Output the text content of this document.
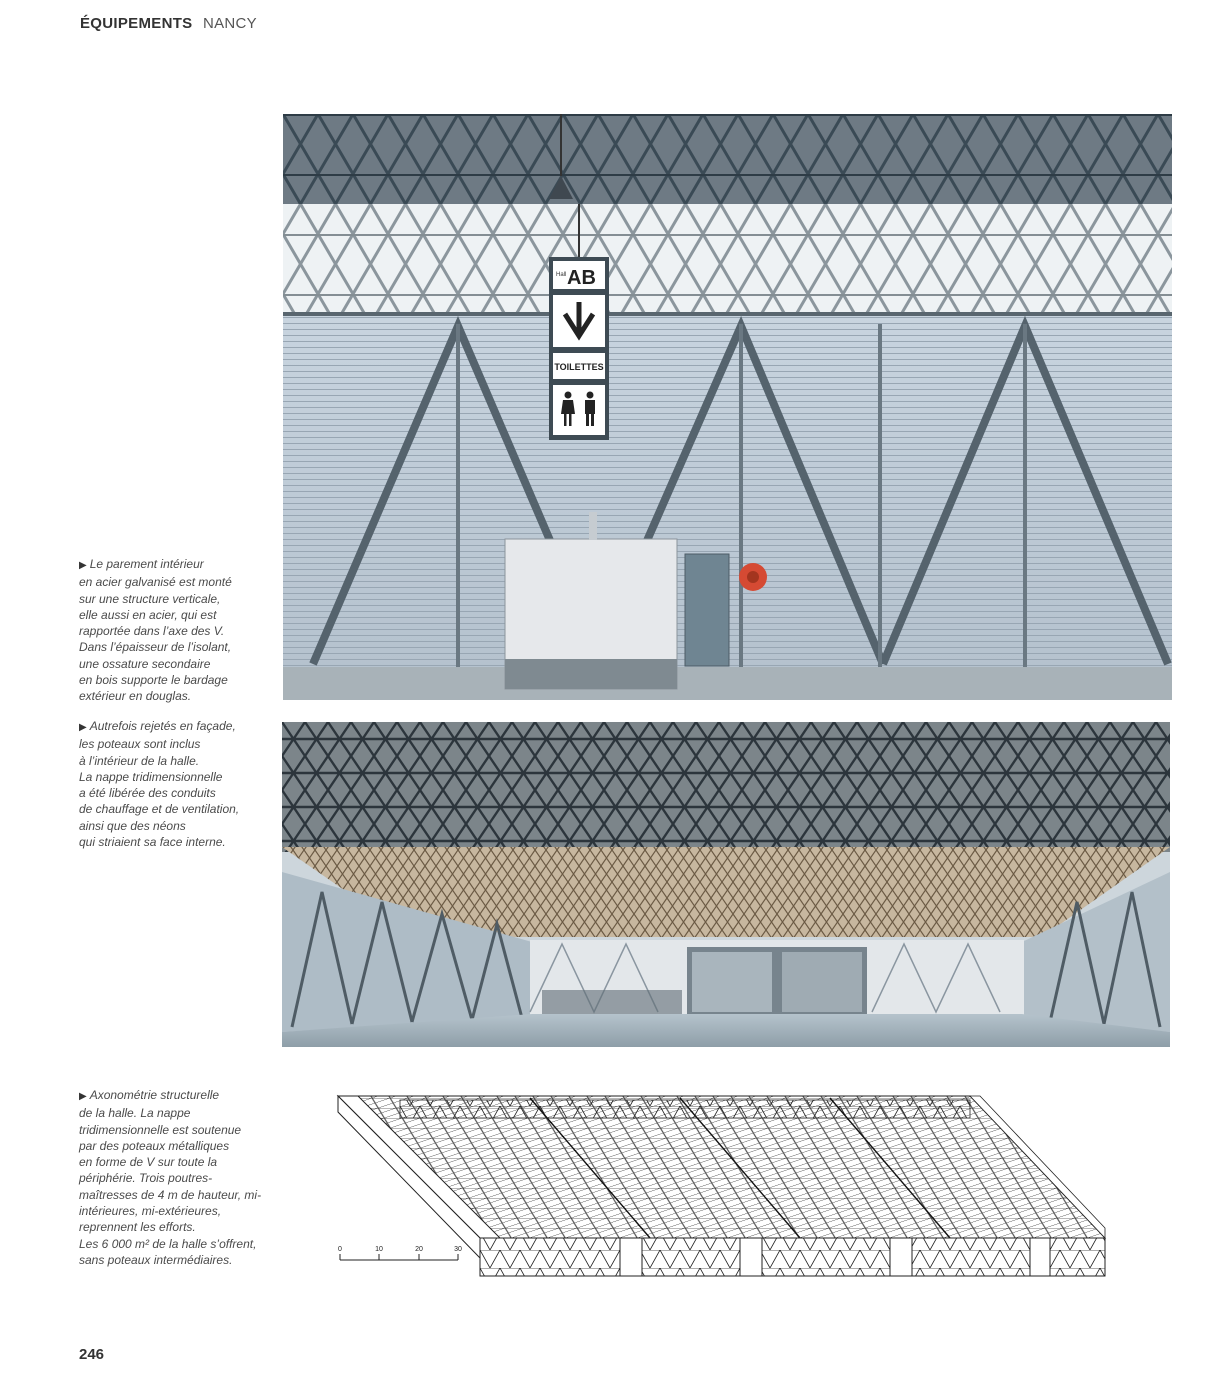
ÉQUIPEMENTS NANCY
▶ Le parement intérieur
en acier galvanisé est monté
sur une structure verticale,
elle aussi en acier, qui est
rapportée dans l’axe des V.
Dans l’épaisseur de l’isolant,
une ossature secondaire
en bois supporte le bardage
extérieur en douglas.
▶ Autrefois rejetés en façade,
les poteaux sont inclus
à l’intérieur de la halle.
La nappe tridimensionnelle
a été libérée des conduits
de chauffage et de ventilation,
ainsi que des néons
qui striaient sa face interne.
▶ Axonométrie structurelle
de la halle. La nappe
tridimensionnelle est soutenue
par des poteaux métalliques
en forme de V sur toute la
périphérie. Trois poutres-
maîtresses de 4 m de hauteur, mi-
intérieures, mi-extérieures,
reprennent les efforts.
Les 6 000 m² de la halle s’offrent,
sans poteaux intermédiaires.
Hall AB
TOILETTES
0	10	20	30
246
